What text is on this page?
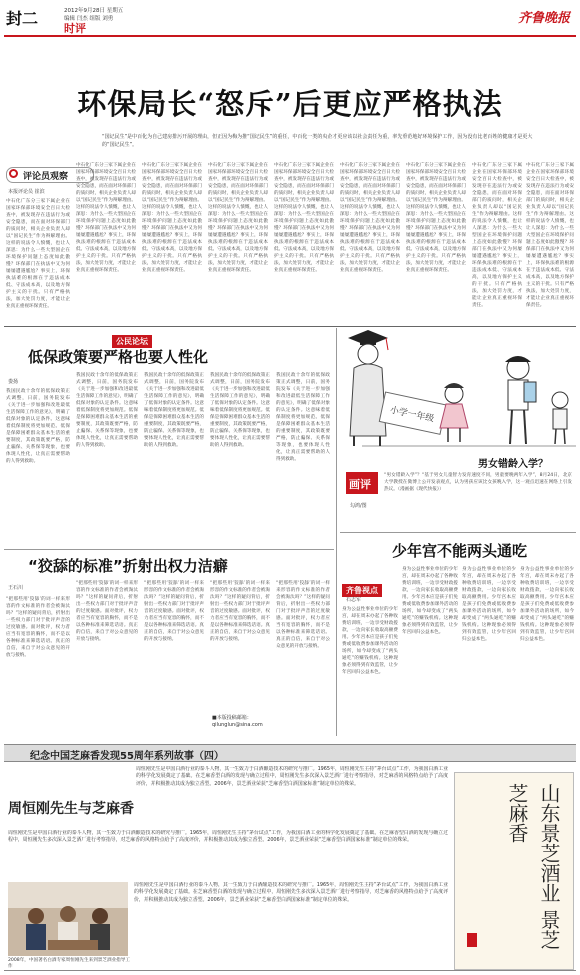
封二	2012年9月28日 星期五
编辑 闫杰 组版 刘勇
时评
齐鲁晚报
环保局长“怒斥”后更应严格执法
“国记民生”是中百化为自己建房排污开展的理由，但正因为梅为推“国记民生”的重任，中百化一类的央企才更应该以社会责任为重，率先垂范地好环境保护工作，因为没有比老百姓的健康才是更大的“国记民生”。
评论员观察
本报评论员 崔滨
中石化广东分三家下属企业在国家环保部环境安全百日大检查中，被发现存在违法行为或安全隐患，而在面对环保部门的质问时，相关企业负责人却以“国记民生”作为辩解理由。这样的说法令人愤慨，也让人深思：为什么一些大型国企在环境保护问题上态度如此傲慢？环保部门在执法中又为何屡屡遭遇尴尬？事实上，环保执法难的根源在于违法成本低、守法成本高，以及地方保护主义的干扰。只有严格执法，加大处罚力度，才能让企业真正重视环保责任。
中石化广东分三家下属企业在国家环保部环境安全百日大检查中，被发现存在违法行为或安全隐患，而在面对环保部门的质问时，相关企业负责人却以“国记民生”作为辩解理由。这样的说法令人愤慨，也让人深思：为什么一些大型国企在环境保护问题上态度如此傲慢？环保部门在执法中又为何屡屡遭遇尴尬？事实上，环保执法难的根源在于违法成本低、守法成本高，以及地方保护主义的干扰。只有严格执法，加大处罚力度，才能让企业真正重视环保责任。
中石化广东分三家下属企业在国家环保部环境安全百日大检查中，被发现存在违法行为或安全隐患，而在面对环保部门的质问时，相关企业负责人却以“国记民生”作为辩解理由。这样的说法令人愤慨，也让人深思：为什么一些大型国企在环境保护问题上态度如此傲慢？环保部门在执法中又为何屡屡遭遇尴尬？事实上，环保执法难的根源在于违法成本低、守法成本高，以及地方保护主义的干扰。只有严格执法，加大处罚力度，才能让企业真正重视环保责任。
中石化广东分三家下属企业在国家环保部环境安全百日大检查中，被发现存在违法行为或安全隐患，而在面对环保部门的质问时，相关企业负责人却以“国记民生”作为辩解理由。这样的说法令人愤慨，也让人深思：为什么一些大型国企在环境保护问题上态度如此傲慢？环保部门在执法中又为何屡屡遭遇尴尬？事实上，环保执法难的根源在于违法成本低、守法成本高，以及地方保护主义的干扰。只有严格执法，加大处罚力度，才能让企业真正重视环保责任。
中石化广东分三家下属企业在国家环保部环境安全百日大检查中，被发现存在违法行为或安全隐患，而在面对环保部门的质问时，相关企业负责人却以“国记民生”作为辩解理由。这样的说法令人愤慨，也让人深思：为什么一些大型国企在环境保护问题上态度如此傲慢？环保部门在执法中又为何屡屡遭遇尴尬？事实上，环保执法难的根源在于违法成本低、守法成本高，以及地方保护主义的干扰。只有严格执法，加大处罚力度，才能让企业真正重视环保责任。
中石化广东分三家下属企业在国家环保部环境安全百日大检查中，被发现存在违法行为或安全隐患，而在面对环保部门的质问时，相关企业负责人却以“国记民生”作为辩解理由。这样的说法令人愤慨，也让人深思：为什么一些大型国企在环境保护问题上态度如此傲慢？环保部门在执法中又为何屡屡遭遇尴尬？事实上，环保执法难的根源在于违法成本低、守法成本高，以及地方保护主义的干扰。只有严格执法，加大处罚力度，才能让企业真正重视环保责任。
中石化广东分三家下属企业在国家环保部环境安全百日大检查中，被发现存在违法行为或安全隐患，而在面对环保部门的质问时，相关企业负责人却以“国记民生”作为辩解理由。这样的说法令人愤慨，也让人深思：为什么一些大型国企在环境保护问题上态度如此傲慢？环保部门在执法中又为何屡屡遭遇尴尬？事实上，环保执法难的根源在于违法成本低、守法成本高，以及地方保护主义的干扰。只有严格执法，加大处罚力度，才能让企业真正重视环保责任。
中石化广东分三家下属企业在国家环保部环境安全百日大检查中，被发现存在违法行为或安全隐患，而在面对环保部门的质问时，相关企业负责人却以“国记民生”作为辩解理由。这样的说法令人愤慨，也让人深思：为什么一些大型国企在环境保护问题上态度如此傲慢？环保部门在执法中又为何屡屡遭遇尴尬？事实上，环保执法难的根源在于违法成本低、守法成本高，以及地方保护主义的干扰。只有严格执法，加大处罚力度，才能让企业真正重视环保责任。
中石化广东分三家下属企业在国家环保部环境安全百日大检查中，被发现存在违法行为或安全隐患，而在面对环保部门的质问时，相关企业负责人却以“国记民生”作为辩解理由。这样的说法令人愤慨，也让人深思：为什么一些大型国企在环境保护问题上态度如此傲慢？环保部门在执法中又为何屡屡遭遇尴尬？事实上，环保执法难的根源在于违法成本低、守法成本高，以及地方保护主义的干扰。只有严格执法，加大处罚力度，才能让企业真正重视环保责任。
公民论坛
低保政策要严格也要人性化
娄扬
我国民政十余年的低保政策正式调整，日前，国务院发布《关于进一步加强和改进最低生活保障工作的意见》，明确了低保对象的认定条件。这意味着低保制度将更加规范。低保是保障困难群众基本生活的重要制度，其政策既要严格，防止骗保、关系保等现象，也要体现人性化，让真正需要帮助的人得到救助。
我国民政十余年的低保政策正式调整，日前，国务院发布《关于进一步加强和改进最低生活保障工作的意见》，明确了低保对象的认定条件。这意味着低保制度将更加规范。低保是保障困难群众基本生活的重要制度，其政策既要严格，防止骗保、关系保等现象，也要体现人性化，让真正需要帮助的人得到救助。
我国民政十余年的低保政策正式调整，日前，国务院发布《关于进一步加强和改进最低生活保障工作的意见》，明确了低保对象的认定条件。这意味着低保制度将更加规范。低保是保障困难群众基本生活的重要制度，其政策既要严格，防止骗保、关系保等现象，也要体现人性化，让真正需要帮助的人得到救助。
我国民政十余年的低保政策正式调整，日前，国务院发布《关于进一步加强和改进最低生活保障工作的意见》，明确了低保对象的认定条件。这意味着低保制度将更加规范。低保是保障困难群众基本生活的重要制度，其政策既要严格，防止骗保、关系保等现象，也要体现人性化，让真正需要帮助的人得到救助。
我国民政十余年的低保政策正式调整，日前，国务院发布《关于进一步加强和改进最低生活保障工作的意见》，明确了低保对象的认定条件。这意味着低保制度将更加规范。低保是保障困难群众基本生活的重要制度，其政策既要严格，防止骗保、关系保等现象，也要体现人性化，让真正需要帮助的人得到救助。
“狡舔的标准”折射出权力洁癖
王石川
“把那些用‘狡舔’的词一样来形容的作文标准的作者会被淘汰吗？”这样的疑问背后，折射出一些权力部门对于批评声音的过度敏感。面对批评，权力者应当有宽容的胸怀，而不是以各种标准来筛选话语。真正的自信，来自于对公众意见的开放与接纳。
“把那些用‘狡舔’的词一样来形容的作文标准的作者会被淘汰吗？”这样的疑问背后，折射出一些权力部门对于批评声音的过度敏感。面对批评，权力者应当有宽容的胸怀，而不是以各种标准来筛选话语。真正的自信，来自于对公众意见的开放与接纳。
“把那些用‘狡舔’的词一样来形容的作文标准的作者会被淘汰吗？”这样的疑问背后，折射出一些权力部门对于批评声音的过度敏感。面对批评，权力者应当有宽容的胸怀，而不是以各种标准来筛选话语。真正的自信，来自于对公众意见的开放与接纳。
“把那些用‘狡舔’的词一样来形容的作文标准的作者会被淘汰吗？”这样的疑问背后，折射出一些权力部门对于批评声音的过度敏感。面对批评，权力者应当有宽容的胸怀，而不是以各种标准来筛选话语。真正的自信，来自于对公众意见的开放与接纳。
“把那些用‘狡舔’的词一样来形容的作文标准的作者会被淘汰吗？”这样的疑问背后，折射出一些权力部门对于批评声音的过度敏感。面对批评，权力者应当有宽容的胸怀，而不是以各种标准来筛选话语。真正的自信，来自于对公众意见的开放与接纳。
■本版投稿邮箱：
qilunglun@sina.com
小学一年级
男女错龄入学？
画评
勾鸿/图
“男女错龄入学”？“基于男女儿童智力发育速度不同，男童要晚两年入学”，8月24日，北京大学教授在微博上公开发表观点，认为男孩应该比女孩晚入学，这一观点迅速在网络上引发热议。（漫画据《现代快报》）
少年宫不能两头通吃
齐鲁视点
石志军
身为公益性事业单位的少年宫，却在周末办起了各种收费培训班，一边享受财政拨款，一边向家长收取高额费用。少年宫本应是孩子们免费或低收费参加课外活动的场所，如今却变成了“两头通吃”的赚钱机构。这种现象必须得到有效监管，让少年宫回归公益本色。
身为公益性事业单位的少年宫，却在周末办起了各种收费培训班，一边享受财政拨款，一边向家长收取高额费用。少年宫本应是孩子们免费或低收费参加课外活动的场所，如今却变成了“两头通吃”的赚钱机构。这种现象必须得到有效监管，让少年宫回归公益本色。
身为公益性事业单位的少年宫，却在周末办起了各种收费培训班，一边享受财政拨款，一边向家长收取高额费用。少年宫本应是孩子们免费或低收费参加课外活动的场所，如今却变成了“两头通吃”的赚钱机构。这种现象必须得到有效监管，让少年宫回归公益本色。
身为公益性事业单位的少年宫，却在周末办起了各种收费培训班，一边享受财政拨款，一边向家长收取高额费用。少年宫本应是孩子们免费或低收费参加课外活动的场所，如今却变成了“两头通吃”的赚钱机构。这种现象必须得到有效监管，让少年宫回归公益本色。
纪念中国芝麻香发现55周年系列故事（四）
周恒刚先生与芝麻香
周恒刚先生是中国白酒行业的泰斗人物，其一生致力于白酒酿造技术的研究与推广。1965年，周恒刚先生主持“茅台试点”工作，为我国白酒工业的科学化发展奠定了基础。在芝麻香型白酒的发现与确立过程中，周恒刚先生多次深入景芝酒厂进行考察指导，对芝麻香的风格特点给予了高度评价，并积极推动其成为独立香型。2006年，景芝酒业荣获“芝麻香型白酒国家标准”制定单位的殊荣。
周恒刚先生是中国白酒行业的泰斗人物，其一生致力于白酒酿造技术的研究与推广。1965年，周恒刚先生主持“茅台试点”工作，为我国白酒工业的科学化发展奠定了基础。在芝麻香型白酒的发现与确立过程中，周恒刚先生多次深入景芝酒厂进行考察指导，对芝麻香的风格特点给予了高度评价，并积极推动其成为独立香型。2006年，景芝酒业荣获“芝麻香型白酒国家标准”制定单位的殊荣。
周恒刚先生是中国白酒行业的泰斗人物，其一生致力于白酒酿造技术的研究与推广。1965年，周恒刚先生主持“茅台试点”工作，为我国白酒工业的科学化发展奠定了基础。在芝麻香型白酒的发现与确立过程中，周恒刚先生多次深入景芝酒厂进行考察指导，对芝麻香的风格特点给予了高度评价，并积极推动其成为独立香型。2006年，景芝酒业荣获“芝麻香型白酒国家标准”制定单位的殊荣。
2008年，中国著名白酒专家周恒刚先生来到景芝酒业指导工作
山东景芝酒业 景芝芝麻香
